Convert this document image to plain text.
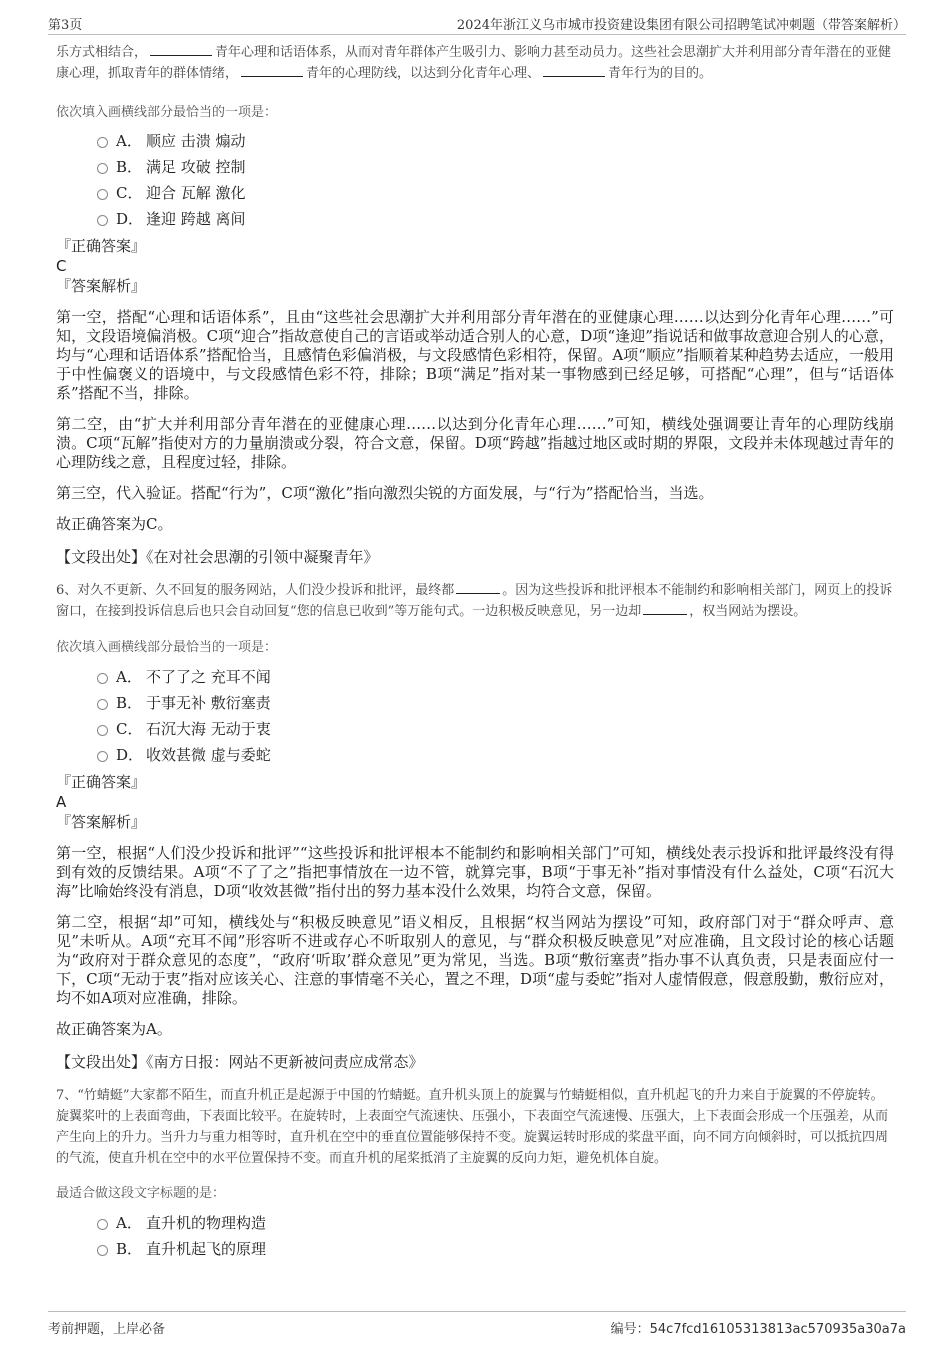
第3页	2024年浙江义乌市城市投资建设集团有限公司招聘笔试冲刺题（带答案解析）

乐方式相结合，	青年心理和话语体系，从而对青年群体产生吸引力、影响力甚至动员力。这些社会思潮扩大并利用部分青年潜在的亚健康心理，抓取青年的群体情绪，	青年的心理防线，以达到分化青年心理、	青年行为的目的。

依次填入画横线部分最恰当的一项是：

A． 顺应 击溃 煽动
B． 满足 攻破 控制
C． 迎合 瓦解 激化
D． 逢迎 跨越 离间

『正确答案』

C

『答案解析』

第一空，搭配“心理和话语体系”，且由“这些社会思潮扩大并利用部分青年潜在的亚健康心理……以达到分化青年心理……”可知，文段语境偏消极。C项“迎合”指故意使自己的言语或举动适合别人的心意，D项“逢迎”指说话和做事故意迎合别人的心意，均与“心理和话语体系”搭配恰当，且感情色彩偏消极，与文段感情色彩相符，保留。A项“顺应”指顺着某种趋势去适应，一般用于中性偏褒义的语境中，与文段感情色彩不符，排除；B项“满足”指对某一事物感到已经足够，可搭配“心理”，但与“话语体系”搭配不当，排除。

第二空，由“扩大并利用部分青年潜在的亚健康心理……以达到分化青年心理……”可知，横线处强调要让青年的心理防线崩溃。C项“瓦解”指使对方的力量崩溃或分裂，符合文意，保留。D项“跨越”指越过地区或时期的界限，文段并未体现越过青年的心理防线之意，且程度过轻，排除。

第三空，代入验证。搭配“行为”，C项“激化”指向激烈尖锐的方面发展，与“行为”搭配恰当，当选。

故正确答案为C。

【文段出处】《在对社会思潮的引领中凝聚青年》

6、对久不更新、久不回复的服务网站，人们没少投诉和批评，最终都	。因为这些投诉和批评根本不能制约和影响相关部门，网页上的投诉窗口，在接到投诉信息后也只会自动回复“您的信息已收到”等万能句式。一边积极反映意见，另一边却	，权当网站为摆设。

依次填入画横线部分最恰当的一项是：

A． 不了了之 充耳不闻
B． 于事无补 敷衍塞责
C． 石沉大海 无动于衷
D． 收效甚微 虚与委蛇

『正确答案』

A

『答案解析』

第一空，根据“人们没少投诉和批评”“这些投诉和批评根本不能制约和影响相关部门”可知，横线处表示投诉和批评最终没有得到有效的反馈结果。A项“不了了之”指把事情放在一边不管，就算完事，B项“于事无补”指对事情没有什么益处，C项“石沉大海”比喻始终没有消息，D项“收效甚微”指付出的努力基本没什么效果，均符合文意，保留。

第二空，根据“却”可知，横线处与“积极反映意见”语义相反，且根据“权当网站为摆设”可知，政府部门对于“群众呼声、意见”未听从。A项“充耳不闻”形容听不进或存心不听取别人的意见，与“群众积极反映意见”对应准确，且文段讨论的核心话题为“政府对于群众意见的态度”，“政府‘听取’群众意见”更为常见，当选。B项“敷衍塞责”指办事不认真负责，只是表面应付一下，C项“无动于衷”指对应该关心、注意的事情毫不关心，置之不理，D项“虚与委蛇”指对人虚情假意，假意殷勤，敷衍应对，均不如A项对应准确，排除。

故正确答案为A。

【文段出处】《南方日报：网站不更新被问责应成常态》

7、“竹蜻蜓”大家都不陌生，而直升机正是起源于中国的竹蜻蜓。直升机头顶上的旋翼与竹蜻蜓相似，直升机起飞的升力来自于旋翼的不停旋转。旋翼桨叶的上表面弯曲，下表面比较平。在旋转时，上表面空气流速快、压强小，下表面空气流速慢、压强大，上下表面会形成一个压强差，从而产生向上的升力。当升力与重力相等时，直升机在空中的垂直位置能够保持不变。旋翼运转时形成的桨盘平面，向不同方向倾斜时，可以抵抗四周的气流，使直升机在空中的水平位置保持不变。而直升机的尾桨抵消了主旋翼的反向力矩，避免机体自旋。

最适合做这段文字标题的是：

A． 直升机的物理构造
B． 直升机起飞的原理
考前押题，上岸必备	编号：54c7fcd16105313813ac570935a30a7a
